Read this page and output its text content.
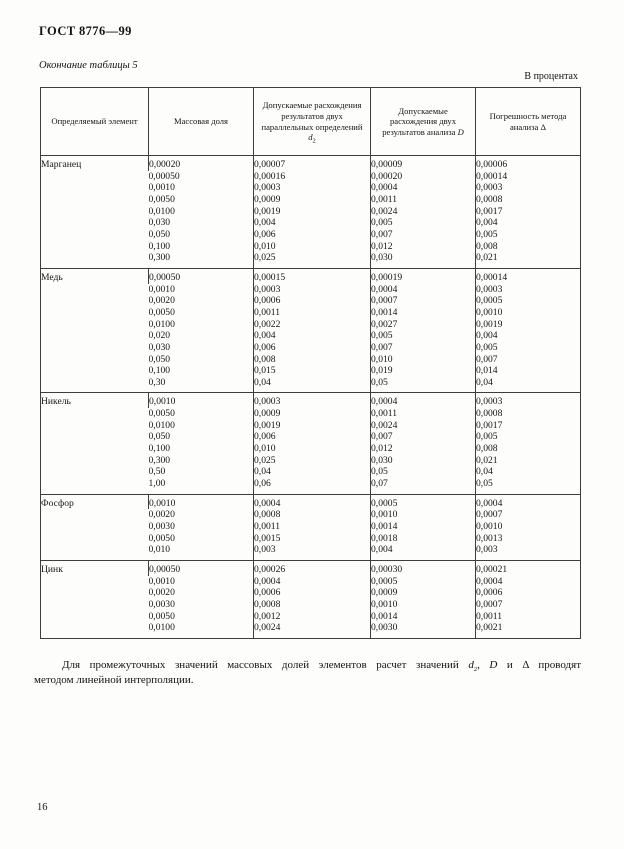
ГОСТ 8776—99
Окончание таблицы 5
В процентах
Определяемый элемент	Массовая доля	Допускаемые расхождения результатов двух параллельных определений $d_2$	Допускаемые расхождения двух результатов анализа D	Погрешность метода анализа Δ
Марганец	0,00020	0,00007	0,00009	0,00006
	0,00050	0,00016	0,00020	0,00014
	0,0010	0,0003	0,0004	0,0003
	0,0050	0,0009	0,0011	0,0008
	0,0100	0,0019	0,0024	0,0017
	0,030	0,004	0,005	0,004
	0,050	0,006	0,007	0,005
	0,100	0,010	0,012	0,008
	0,300	0,025	0,030	0,021
Медь	0,00050	0,00015	0,00019	0,00014
	0,0010	0,0003	0,0004	0,0003
	0,0020	0,0006	0,0007	0,0005
	0,0050	0,0011	0,0014	0,0010
	0,0100	0,0022	0,0027	0,0019
	0,020	0,004	0,005	0,004
	0,030	0,006	0,007	0,005
	0,050	0,008	0,010	0,007
	0,100	0,015	0,019	0,014
	0,30	0,04	0,05	0,04
Никель	0,0010	0,0003	0,0004	0,0003
	0,0050	0,0009	0,0011	0,0008
	0,0100	0,0019	0,0024	0,0017
	0,050	0,006	0,007	0,005
	0,100	0,010	0,012	0,008
	0,300	0,025	0,030	0,021
	0,50	0,04	0,05	0,04
	1,00	0,06	0,07	0,05
Фосфор	0,0010	0,0004	0,0005	0,0004
	0,0020	0,0008	0,0010	0,0007
	0,0030	0,0011	0,0014	0,0010
	0,0050	0,0015	0,0018	0,0013
	0,010	0,003	0,004	0,003
Цинк	0,00050	0,00026	0,00030	0,00021
	0,0010	0,0004	0,0005	0,0004
	0,0020	0,0006	0,0009	0,0006
	0,0030	0,0008	0,0010	0,0007
	0,0050	0,0012	0,0014	0,0011
	0,0100	0,0024	0,0030	0,0021
Для промежуточных значений массовых долей элементов расчет значений $d_2$, D и Δ проводят
методом линейной интерполяции.
16
